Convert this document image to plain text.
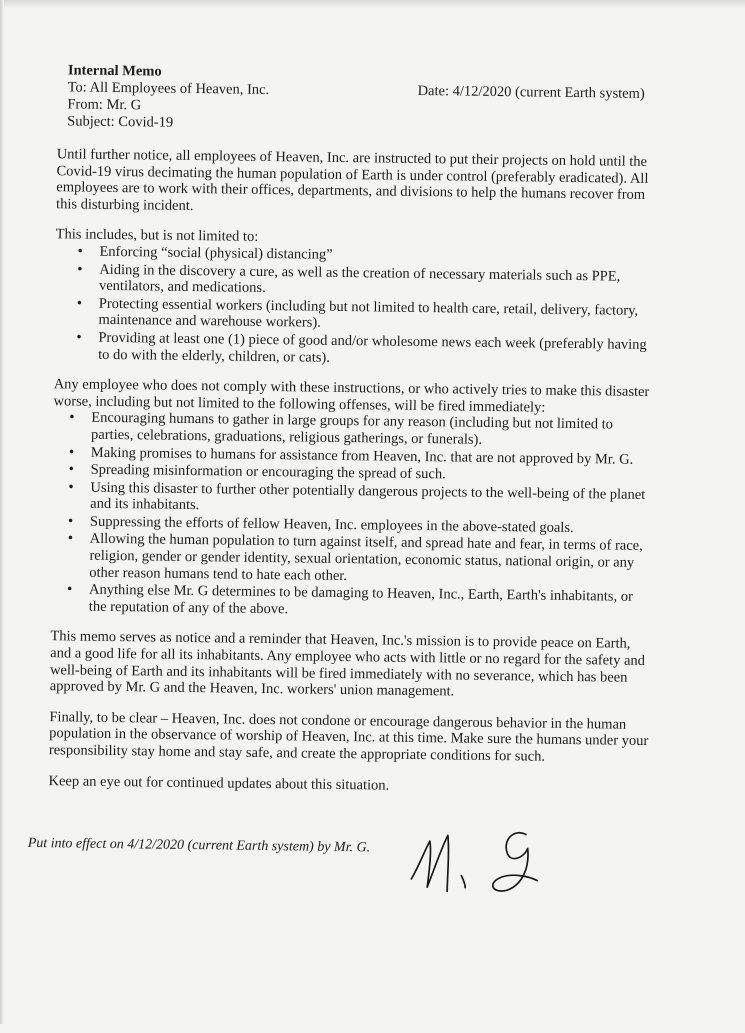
Internal Memo
To: All Employees of Heaven, Inc.
From: Mr. G
Subject: Covid-19
Date: 4/12/2020 (current Earth system)

Until further notice, all employees of Heaven, Inc. are instructed to put their projects on hold until the Covid-19 virus decimating the human population of Earth is under control (preferably eradicated). All employees are to work with their offices, departments, and divisions to help the humans recover from this disturbing incident.

This includes, but is not limited to:
• Enforcing “social (physical) distancing”
• Aiding in the discovery a cure, as well as the creation of necessary materials such as PPE, ventilators, and medications.
• Protecting essential workers (including but not limited to health care, retail, delivery, factory, maintenance and warehouse workers).
• Providing at least one (1) piece of good and/or wholesome news each week (preferably having to do with the elderly, children, or cats).
Any employee who does not comply with these instructions, or who actively tries to make this disaster worse, including but not limited to the following offenses, will be fired immediately:
• Encouraging humans to gather in large groups for any reason (including but not limited to parties, celebrations, graduations, religious gatherings, or funerals).
• Making promises to humans for assistance from Heaven, Inc. that are not approved by Mr. G.
• Spreading misinformation or encouraging the spread of such.
• Using this disaster to further other potentially dangerous projects to the well-being of the planet and its inhabitants.
• Suppressing the efforts of fellow Heaven, Inc. employees in the above-stated goals.
• Allowing the human population to turn against itself, and spread hate and fear, in terms of race, religion, gender or gender identity, sexual orientation, economic status, national origin, or any other reason humans tend to hate each other.
• Anything else Mr. G determines to be damaging to Heaven, Inc., Earth, Earth's inhabitants, or the reputation of any of the above.

This memo serves as notice and a reminder that Heaven, Inc.'s mission is to provide peace on Earth, and a good life for all its inhabitants. Any employee who acts with little or no regard for the safety and well-being of Earth and its inhabitants will be fired immediately with no severance, which has been approved by Mr. G and the Heaven, Inc. workers' union management.

Finally, to be clear – Heaven, Inc. does not condone or encourage dangerous behavior in the human population in the observance of worship of Heaven, Inc. at this time. Make sure the humans under your responsibility stay home and stay safe, and create the appropriate conditions for such.

Keep an eye out for continued updates about this situation.

Put into effect on 4/12/2020 (current Earth system) by Mr. G.
